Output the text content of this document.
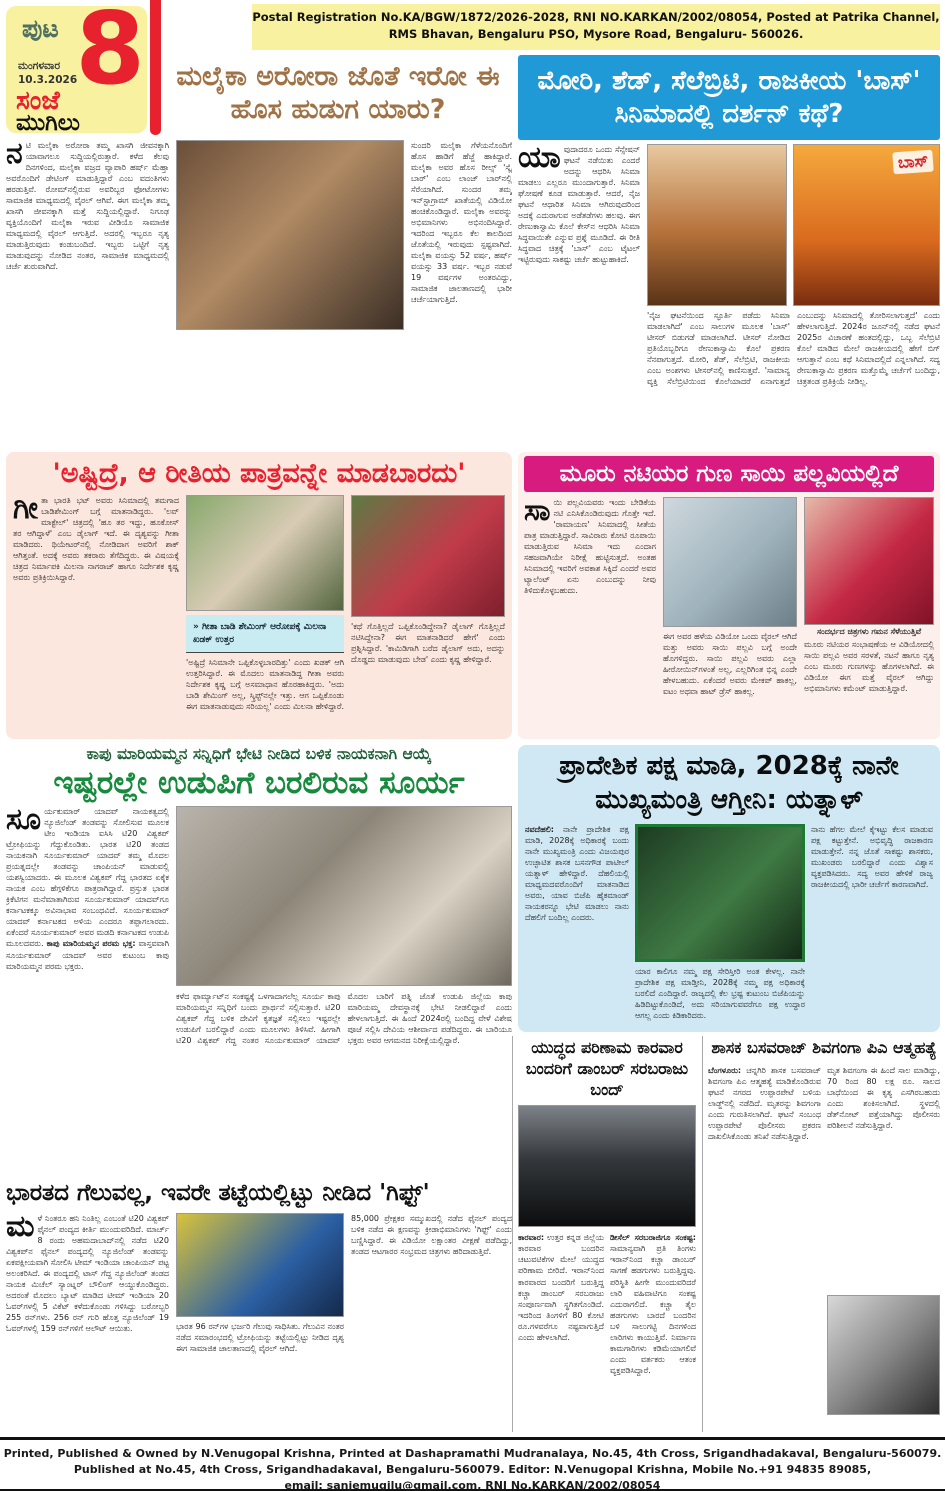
ಪುಟ 8
ಮಂಗಳವಾರ
10.3.2026
ಸಂಜೆ
ಮುಗಿಲು
Postal Registration No.KA/BGW/1872/2026-2028, RNI NO.KARKAN/2002/08054, Posted at Patrika Channel,
RMS Bhavan, Bengaluru PSO, Mysore Road, Bengaluru- 560026.
ಮಲೈಕಾ ಅರೋರಾ ಜೊತೆ ಇರೋ ಈ ಹೊಸ ಹುಡುಗ ಯಾರು?
ನಟಿ ಮಲೈಕಾ ಅರೋರಾ ತಮ್ಮ ಖಾಸಗಿ ಜೀವನಕ್ಕಾಗಿ ಯಾವಾಗಲೂ ಸುದ್ದಿಯಲ್ಲಿರುತ್ತಾರೆ. ಕಳೆದ ಕೆಲವು ದಿನಗಳಿಂದ, ಮಲೈಕಾ ವಜ್ರದ ವ್ಯಾಪಾರಿ ಹರ್ಷ್ ಮೆಹ್ತಾ ಅವರೊಂದಿಗೆ ಡೇಟಿಂಗ್ ಮಾಡುತ್ತಿದ್ದಾರೆ ಎಂಬ ವದಂತಿಗಳು ಹರಡುತ್ತಿವೆ. ರೋಮ್‌ನಲ್ಲಿರುವ ಅವರಿಬ್ಬರ ಫೋಟೋಗಳು ಸಾಮಾಜಿಕ ಮಾಧ್ಯಮದಲ್ಲಿ ವೈರಲ್ ಆಗಿವೆ. ಈಗ ಮಲೈಕಾ ತಮ್ಮ ಖಾಸಗಿ ಜೀವನಕ್ಕಾಗಿ ಮತ್ತೆ ಸುದ್ದಿಯಲ್ಲಿದ್ದಾರೆ. ನಿಗೂಢ ವ್ಯಕ್ತಿಯೊಂದಿಗೆ ಮಲೈಕಾ ಇರುವ ವೀಡಿಯೊ ಸಾಮಾಜಿಕ ಮಾಧ್ಯಮದಲ್ಲಿ ವೈರಲ್ ಆಗುತ್ತಿದೆ. ಅದರಲ್ಲಿ ಇಬ್ಬರೂ ನೃತ್ಯ ಮಾಡುತ್ತಿರುವುದು ಕಂಡುಬಂದಿದೆ. ಇಬ್ಬರು ಒಟ್ಟಿಗೆ ನೃತ್ಯ ಮಾಡುವುದನ್ನು ನೋಡಿದ ನಂತರ, ಸಾಮಾಜಿಕ ಮಾಧ್ಯಮದಲ್ಲಿ ಚರ್ಚೆ ಶುರುವಾಗಿದೆ.
ಸುಂದರಿ ಮಲೈಕಾ ಗೆಳೆಯನೊಂದಿಗೆ ಹೊಸ ಹಾಡಿಗೆ ಹೆಜ್ಜೆ ಹಾಕಿದ್ದಾರೆ. ಮಲೈಕಾ ಅವರ ಹೊಸ ರೀಲ್ಸ್ 'ಸ್ಕೈ ಬಾರ್' ಎಂಬ ಲಾಂಜ್ ಬಾರ್‌ನಲ್ಲಿ ಸೆರೆಯಾಗಿದೆ. ಸುಂದರ ತಮ್ಮ ಇನ್‌ಸ್ಟಾಗ್ರಾಮ್ ಖಾತೆಯಲ್ಲಿ ವಿಡಿಯೋ ಹಂಚಿಕೊಂಡಿದ್ದಾರೆ. ಮಲೈಕಾ ಅವರನ್ನು ಅಭಿಮಾನಿಗಳು ಅಭಿನಂದಿಸಿದ್ದಾರೆ. ಇದರಿಂದ ಇಬ್ಬರೂ ಕೆಲ ಕಾಲದಿಂದ ಜೊತೆಯಲ್ಲಿ ಇರುವುದು ಸ್ಪಷ್ಟವಾಗಿದೆ. ಮಲೈಕಾ ವಯಸ್ಸು 52 ವರ್ಷ, ಹರ್ಷ್ ವಯಸ್ಸು 33 ವರ್ಷ. ಇಬ್ಬರ ನಡುವೆ 19 ವರ್ಷಗಳ ಅಂತರವಿದ್ದು, ಸಾಮಾಜಿಕ ಜಾಲತಾಣದಲ್ಲಿ ಭಾರೀ ಚರ್ಚೆಯಾಗುತ್ತಿದೆ.
ಮೋರಿ, ಶೆಡ್, ಸೆಲೆಬ್ರಿಟಿ, ರಾಜಕೀಯ 'ಬಾಸ್' ಸಿನಿಮಾದಲ್ಲಿ ದರ್ಶನ್ ಕಥೆ?
ಯಾವುದಾದರೂ ಒಂದು ಸೆನ್ಸೇಷನ್ ಘಟನೆ ನಡೆಯಿತು ಎಂದರೆ ಅದನ್ನು ಆಧರಿಸಿ ಸಿನಿಮಾ ಮಾಡಲು ಎಲ್ಲರೂ ಮುಂದಾಗುತ್ತಾರೆ. ಸಿನಿಮಾ ಘೋಷಣೆ ಕೂಡ ಮಾಡುತ್ತಾರೆ. ಆದರೆ, ನೈಜ ಘಟನೆ ಆಧಾರಿತ ಸಿನಿಮಾ ಆಗಿರುವುದರಿಂದ ಅದಕ್ಕೆ ಎದುರಾಗುವ ಅಡೆತಡೆಗಳು ಹಲವು. ಈಗ ರೇಣುಕಾಸ್ವಾಮಿ ಕೊಲೆ ಕೇಸ್‌ನ ಆಧರಿಸಿ ಸಿನಿಮಾ ಸಿದ್ಧವಾಯಿತೇ ಎನ್ನುವ ಪ್ರಶ್ನೆ ಮೂಡಿದೆ. ಈ ರೀತಿ ಸಿದ್ಧವಾದ ಚಿತ್ರಕ್ಕೆ 'ಬಾಸ್' ಎಂಬ ಟೈಟಲ್ ಇಟ್ಟಿರುವುದು ಸಾಕಷ್ಟು ಚರ್ಚೆ ಹುಟ್ಟುಹಾಕಿದೆ.
ಬಾಸ್
'ನೈಜ ಘಟನೆಯಿಂದ ಸ್ಫೂರ್ತಿ ಪಡೆದು ಸಿನಿಮಾ ಮಾಡಲಾಗಿದೆ' ಎಂಬ ಸಾಲುಗಳ ಮೂಲಕ 'ಬಾಸ್' ಟೀಸರ್ ಬಿಡುಗಡೆ ಮಾಡಲಾಗಿದೆ. ಟೀಸರ್ ನೋಡಿದ ಪ್ರತಿಯೊಬ್ಬರಿಗೂ ರೇಣುಕಾಸ್ವಾಮಿ ಕೊಲೆ ಪ್ರಕರಣ ನೆನಪಾಗುತ್ತದೆ. ಮೋರಿ, ಶೆಡ್, ಸೆಲೆಬ್ರಿಟಿ, ರಾಜಕೀಯ ಎಂಬ ಅಂಶಗಳು ಟೀಸರ್‌ನಲ್ಲಿ ಕಾಣಿಸುತ್ತವೆ. 'ಸಾಮಾನ್ಯ ವ್ಯಕ್ತಿ ಸೆಲೆಬ್ರಿಟಿಯಿಂದ ಕೊಲೆಯಾದರೆ ಏನಾಗುತ್ತದೆ ಎಂಬುದನ್ನು ಸಿನಿಮಾದಲ್ಲಿ ತೋರಿಸಲಾಗುತ್ತದೆ' ಎಂದು ಹೇಳಲಾಗುತ್ತಿದೆ. 2024ರ ಜೂನ್‌ನಲ್ಲಿ ನಡೆದ ಘಟನೆ 2025ರ ವಿಚಾರಣೆ ಹಂತದಲ್ಲಿದ್ದು, ಒಬ್ಬ ಸೆಲೆಬ್ರಿಟಿ ಕೊಲೆ ಮಾಡಿದ ಮೇಲೆ ರಾಜಕೀಯದಲ್ಲಿ ಹೇಗೆ ಬಿಗ್ ಆಗುತ್ತಾನೆ ಎಂಬ ಕಥೆ ಸಿನಿಮಾದಲ್ಲಿದೆ ಎನ್ನಲಾಗಿದೆ. ಸದ್ಯ ರೇಣುಕಾಸ್ವಾಮಿ ಪ್ರಕರಣ ಮತ್ತೊಮ್ಮೆ ಚರ್ಚೆಗೆ ಬಂದಿದ್ದು, ಚಿತ್ರತಂಡ ಪ್ರತಿಕ್ರಿಯೆ ನೀಡಿಲ್ಲ.
'ಅಷ್ಟಿದ್ರೆ, ಆ ರೀತಿಯ ಪಾತ್ರವನ್ನೇ ಮಾಡಬಾರದು'
ಗೀತಾ ಭಾರತಿ ಭಟ್ ಅವರು ಸಿನಿಮಾದಲ್ಲಿ ತಮಗಾದ ಬಾಡಿಶೇಮಿಂಗ್ ಬಗ್ಗೆ ಮಾತನಾಡಿದ್ದರು. 'ಲವ್ ಮಾಕ್ಟೇಲ್' ಚಿತ್ರದಲ್ಲಿ 'ಹೂ ತರ ಇದ್ದು, ಹೂಕೋಸ್ ತರ ಆಗಿದ್ದಾಳೆ' ಎಂಬ ಡೈಲಾಗ್ ಇದೆ. ಈ ದೃಶ್ಯವನ್ನು ಗೀತಾ ಮಾಡಿದರು. ಥಿಯೇಟರ್‌ನಲ್ಲಿ ನೋಡಿದಾಗ ಅವರಿಗೆ ಶಾಕ್ ಆಗಿತ್ತಂತೆ. ಅದಕ್ಕೆ ಅವರು ತಕರಾರು ತೆಗೆದಿದ್ದರು. ಈ ವಿಷಯಕ್ಕೆ ಚಿತ್ರದ ನಿರ್ಮಾಪಕಿ ಮಿಲನಾ ನಾಗರಾಜ್ ಹಾಗೂ ನಿರ್ದೇಶಕ ಕೃಷ್ಣ ಅವರು ಪ್ರತಿಕ್ರಿಯಿಸಿದ್ದಾರೆ.
» ಗೀತಾ ಬಾಡಿ ಶೇಮಿಂಗ್ ಆರೋಪಕ್ಕೆ ಮಿಲನಾ ಖಡಕ್ ಉತ್ತರ
'ಅಷ್ಟಿದ್ರೆ ಸಿನಿಮಾನೇ ಒಪ್ಪಿಕೊಳ್ಳಬಾರದಿತ್ತು' ಎಂದು ಖಡಕ್ ಆಗಿ ಉತ್ತರಿಸಿದ್ದಾರೆ. ಈ ಮೊದಲು ಮಾತನಾಡಿದ್ದ ಗೀತಾ ಅವರು ನಿರ್ದೇಶಕ ಕೃಷ್ಣ ಬಗ್ಗೆ ಅಸಮಾಧಾನ ಹೊರಹಾಕಿದ್ದರು. 'ಅದು ಬಾಡಿ ಶೇಮಿಂಗ್ ಅಲ್ಲ, ಸ್ಕ್ರಿಪ್ಟ್‌ನಲ್ಲೇ ಇತ್ತು. ಆಗ ಒಪ್ಪಿಕೊಂಡು ಈಗ ಮಾತನಾಡುವುದು ಸರಿಯಲ್ಲ' ಎಂದು ಮಿಲನಾ ಹೇಳಿದ್ದಾರೆ.
'ಕಥೆ ಗೊತ್ತಿಲ್ಲದೆ ಒಪ್ಪಿಕೊಂಡಿದ್ದೇನಾ? ಡೈಲಾಗ್ ಗೊತ್ತಿಲ್ಲದೆ ನಟಿಸಿದ್ದೇನಾ? ಈಗ ಮಾತನಾಡಿದರೆ ಹೇಗೆ' ಎಂದು ಪ್ರಶ್ನಿಸಿದ್ದಾರೆ. 'ಕಾಮಿಡಿಗಾಗಿ ಬರೆದ ಡೈಲಾಗ್ ಅದು, ಅದನ್ನು ದೊಡ್ಡದು ಮಾಡುವುದು ಬೇಡ' ಎಂದು ಕೃಷ್ಣ ಹೇಳಿದ್ದಾರೆ.
ಮೂರು ನಟಿಯರ ಗುಣ ಸಾಯಿ ಪಲ್ಲವಿಯಲ್ಲಿದೆ
ಸಾಯಿ ಪಲ್ಲವಿಯವರು ಇಂದು ಬೇಡಿಕೆಯ ನಟಿ ಎನಿಸಿಕೊಂಡಿರುವುದು ಗೊತ್ತೇ ಇದೆ. 'ರಾಮಾಯಣ' ಸಿನಿಮಾದಲ್ಲಿ ಸೀತೆಯ ಪಾತ್ರ ಮಾಡುತ್ತಿದ್ದಾರೆ. ಸಾವಿರಾರು ಕೋಟಿ ರೂಪಾಯಿ ಮಾಡುತ್ತಿರುವ ಸಿನಿಮಾ ಇದು ಎಂದಾಗ ಸಹಜವಾಗಿಯೇ ನಿರೀಕ್ಷೆ ಹುಟ್ಟಿಸುತ್ತದೆ. ಅಂತಹ ಸಿನಿಮಾದಲ್ಲಿ ಇವರಿಗೆ ಅವಕಾಶ ಸಿಕ್ಕಿದೆ ಎಂದರೆ ಅವರ ಟ್ಯಾಲೆಂಟ್ ಏನು ಎಂಬುದನ್ನು ನೀವು ತಿಳಿದುಕೊಳ್ಳಬಹುದು.
ಈಗ ಅವರ ಹಳೆಯ ವಿಡಿಯೋ ಒಂದು ವೈರಲ್ ಆಗಿದೆ ಮತ್ತು ಅವರು ಸಾಯಿ ಪಲ್ಲವಿ ಬಗ್ಗೆ ಅಂದೇ ಹೊಗಳಿದ್ದರು. ಸಾಯಿ ಪಲ್ಲವಿ ಅವರು ಎಲ್ಲಾ ಹೀರೋಯಿನ್‌ಗಳಂತೆ ಅಲ್ಲ, ಎಲ್ಲರಿಗಿಂತ ಭಿನ್ನ ಎಂದೇ ಹೇಳಬಹುದು. ಏಕೆಂದರೆ ಅವರು ಮೇಕಪ್ ಹಾಕಲ್ಲ, ಐಟಂ ಅಥವಾ ಹಾಟ್ ಡ್ರೆಸ್ ಹಾಕಲ್ಲ.
ಸಂದರ್ಭದ ಚಿತ್ರಗಳು ಗಮನ ಸೆಳೆಯುತ್ತಿವೆ
ಮೂರು ನಟಿಯರ ಸಂಭಾಷಣೆಯ ಆ ವಿಡಿಯೋದಲ್ಲಿ ಸಾಯಿ ಪಲ್ಲವಿ ಅವರ ಸರಳತೆ, ನಟನೆ ಹಾಗೂ ನೃತ್ಯ ಎಂಬ ಮೂರು ಗುಣಗಳನ್ನು ಹೊಗಳಲಾಗಿದೆ. ಈ ವಿಡಿಯೋ ಈಗ ಮತ್ತೆ ವೈರಲ್ ಆಗಿದ್ದು ಅಭಿಮಾನಿಗಳು ಕಮೆಂಟ್ ಮಾಡುತ್ತಿದ್ದಾರೆ.
ಕಾಪು ಮಾರಿಯಮ್ಮನ ಸನ್ನಿಧಿಗೆ ಭೇಟಿ ನೀಡಿದ ಬಳಿಕ ನಾಯಕನಾಗಿ ಆಯ್ಕೆ
ಇಷ್ಟರಲ್ಲೇ ಉಡುಪಿಗೆ ಬರಲಿರುವ ಸೂರ್ಯ
ಸೂರ್ಯಕುಮಾರ್ ಯಾದವ್ ನಾಯಕತ್ವದಲ್ಲಿ ನ್ಯೂಜಿಲೆಂಡ್ ತಂಡವನ್ನು ಸೋಲಿಸುವ ಮೂಲಕ ಟೀಂ ಇಂಡಿಯಾ ಐಸಿಸಿ ಟಿ20 ವಿಶ್ವಕಪ್ ಟ್ರೋಫಿಯನ್ನು ಗೆದ್ದುಕೊಂಡಿತು. ಭಾರತ ಟಿ20 ತಂಡದ ನಾಯಕನಾಗಿ ಸೂರ್ಯಕುಮಾರ್ ಯಾದವ್ ತಮ್ಮ ಮೊದಲ ಪ್ರಯತ್ನದಲ್ಲೇ ತಂಡವನ್ನು ಚಾಂಪಿಯನ್ ಮಾಡುವಲ್ಲಿ ಯಶಸ್ವಿಯಾದರು. ಈ ಮೂಲಕ ವಿಶ್ವಕಪ್ ಗೆದ್ದ ಭಾರತದ ಏಕೈಕ ನಾಯಕ ಎಂಬ ಹೆಗ್ಗಳಿಕೆಗೂ ಪಾತ್ರರಾಗಿದ್ದಾರೆ. ಪ್ರಸ್ತುತ ಭಾರತ ಕ್ರಿಕೆಟಿಗನ ಮನೆಮಾತಾಗಿರುವ ಸೂರ್ಯಕುಮಾರ್ ಯಾದವ್‌ಗೂ ಕರ್ನಾಟಕಕ್ಕೂ ಅವಿನಾಭಾವ ಸಂಬಂಧವಿದೆ. ಸೂರ್ಯಕುಮಾರ್ ಯಾದವ್ ಕರ್ನಾಟಕದ ಅಳಿಯ ಎಂದರೂ ತಪ್ಪಾಗಲಾರದು. ಏಕೆಂದರೆ ಸೂರ್ಯಕುಮಾರ್ ಅವರ ಮಡದಿ ಕರ್ನಾಟಕದ ಉಡುಪಿ ಮೂಲದವರು. ಕಾಪು ಮಾರಿಯಮ್ಮನ ಪರಮ ಭಕ್ತ: ವಾಸ್ತವವಾಗಿ ಸೂರ್ಯಕುಮಾರ್ ಯಾದವ್ ಅವರ ಕುಟುಂಬ ಕಾಪು ಮಾರಿಯಮ್ಮನ ಪರಮ ಭಕ್ತರು.
ಕಳೆದ ಫಾರ್ಮ್ಯಾಟ್‌ನ ಸಂಕಷ್ಟಕ್ಕೆ ಒಳಗಾದಾಗಲೆಲ್ಲ ಸೂರ್ಯ ಕಾಪು ಮಾರಿಯಮ್ಮನ ಸನ್ನಿಧಿಗೆ ಬಂದು ಪ್ರಾರ್ಥನೆ ಸಲ್ಲಿಸುತ್ತಾರೆ. ಟಿ20 ವಿಶ್ವಕಪ್ ಗೆದ್ದ ಬಳಿಕ ದೇವಿಗೆ ಕೃತಜ್ಞತೆ ಸಲ್ಲಿಸಲು ಇಷ್ಟರಲ್ಲೇ ಉಡುಪಿಗೆ ಬರಲಿದ್ದಾರೆ ಎಂದು ಮೂಲಗಳು ತಿಳಿಸಿವೆ. ಹೀಗಾಗಿ ಟಿ20 ವಿಶ್ವಕಪ್ ಗೆದ್ದ ನಂತರ ಸೂರ್ಯಕುಮಾರ್ ಯಾದವ್ ಮೊದಲ ಬಾರಿಗೆ ಪತ್ನಿ ಜೊತೆ ಉಡುಪಿ ಜಿಲ್ಲೆಯ ಕಾಪು ಮಾರಿಯಮ್ಮ ದೇವಸ್ಥಾನಕ್ಕೆ ಭೇಟಿ ನೀಡಲಿದ್ದಾರೆ ಎಂದು ಹೇಳಲಾಗುತ್ತಿದೆ. ಈ ಹಿಂದೆ 2024ರಲ್ಲಿ ಬಂದಿದ್ದ ವೇಳೆ ವಿಶೇಷ ಪೂಜೆ ಸಲ್ಲಿಸಿ ದೇವಿಯ ಆಶೀರ್ವಾದ ಪಡೆದಿದ್ದರು. ಈ ಬಾರಿಯೂ ಭಕ್ತರು ಅವರ ಆಗಮನದ ನಿರೀಕ್ಷೆಯಲ್ಲಿದ್ದಾರೆ.
ಪ್ರಾದೇಶಿಕ ಪಕ್ಷ ಮಾಡಿ, 2028ಕ್ಕೆ ನಾನೇ ಮುಖ್ಯಮಂತ್ರಿ ಆಗ್ತೀನಿ: ಯತ್ನಾಳ್
ನವದೆಹಲಿ: ನಾನೇ ಪ್ರಾದೇಶಿಕ ಪಕ್ಷ ಮಾಡಿ, 2028ಕ್ಕೆ ಅಧಿಕಾರಕ್ಕೆ ಬಂದು ನಾನೇ ಮುಖ್ಯಮಂತ್ರಿ ಎಂದು ವಿಜಯಪುರ ಉಚ್ಛಾಟಿತ ಶಾಸಕ ಬಸನಗೌಡ ಪಾಟೀಲ್ ಯತ್ನಾಳ್ ಹೇಳಿದ್ದಾರೆ. ದೆಹಲಿಯಲ್ಲಿ ಮಾಧ್ಯಮದವರೊಂದಿಗೆ ಮಾತನಾಡಿದ ಅವರು, ಯಾವ ಬಿಜೆಪಿ ಹೈಕಮಾಂಡ್ ನಾಯಕರನ್ನೂ ಭೇಟಿ ಮಾಡಲು ನಾನು ದೆಹಲಿಗೆ ಬಂದಿಲ್ಲ ಎಂದರು.
ಯಾರ ಕಾಲಿಗೂ ನಮ್ಮ ಪಕ್ಷ ಸೇರಿಸ್ತೀರಿ ಅಂತ ಕೇಳಲ್ಲ. ನಾನೇ ಪ್ರಾದೇಶಿಕ ಪಕ್ಷ ಮಾಡ್ತೀನಿ, 2028ಕ್ಕೆ ನಮ್ಮ ಪಕ್ಷ ಅಧಿಕಾರಕ್ಕೆ ಬರಲಿದೆ ಎಂದಿದ್ದಾರೆ. ರಾಜ್ಯದಲ್ಲಿ ಕೆಲ ಭ್ರಷ್ಟ ಕುಟುಂಬ ಬಿಜೆಪಿಯನ್ನು ಹಿಡಿದಿಟ್ಟುಕೊಂಡಿದೆ, ಅದು ಸರಿಯಾಗುವವರೆಗೂ ಪಕ್ಷ ಉದ್ಧಾರ ಆಗಲ್ಲ ಎಂದು ಕಿಡಿಕಾರಿದರು.
ನಾನು ಹೆಗಲ ಮೇಲೆ ಕೈಇಟ್ಟು ಕೆಲಸ ಮಾಡುವ ಪಕ್ಷ ಕಟ್ಟುತ್ತೇನೆ. ಅಭಿವೃದ್ಧಿ ರಾಜಕಾರಣ ಮಾಡುತ್ತೇನೆ. ನನ್ನ ಜೊತೆ ಸಾಕಷ್ಟು ಶಾಸಕರು, ಮುಖಂಡರು ಬರಲಿದ್ದಾರೆ ಎಂದು ವಿಶ್ವಾಸ ವ್ಯಕ್ತಪಡಿಸಿದರು. ಸದ್ಯ ಅವರ ಹೇಳಿಕೆ ರಾಜ್ಯ ರಾಜಕೀಯದಲ್ಲಿ ಭಾರೀ ಚರ್ಚೆಗೆ ಕಾರಣವಾಗಿದೆ.
ಭಾರತದ ಗೆಲುವಲ್ಲ, ಇವರೇ ತಟ್ಟೆಯಲ್ಲಿಟ್ಟು ನೀಡಿದ 'ಗಿಫ್ಟ್'
ಮಳೆ ನಿಂತರೂ ಹನಿ ನಿಂತಿಲ್ಲ ಎಂಬಂತೆ ಟಿ20 ವಿಶ್ವಕಪ್ ಫೈನಲ್ ಪಂದ್ಯದ ಕೀರ್ತಿ ಮುಂದುವರಿದಿದೆ. ಮಾರ್ಚ್ 8 ರಂದು ಅಹಮದಾಬಾದ್‌ನಲ್ಲಿ ನಡೆದ ಟಿ20 ವಿಶ್ವಕಪ್‌ನ ಫೈನಲ್ ಪಂದ್ಯದಲ್ಲಿ ನ್ಯೂಜಿಲೆಂಡ್ ತಂಡವನ್ನು ಏಕಪಕ್ಷೀಯವಾಗಿ ಸೋಲಿಸಿ ಟೀಮ್ ಇಂಡಿಯಾ ಚಾಂಪಿಯನ್ ಪಟ್ಟ ಅಲಂಕರಿಸಿದೆ. ಈ ಪಂದ್ಯದಲ್ಲಿ ಟಾಸ್ ಗೆದ್ದ ನ್ಯೂಜಿಲೆಂಡ್ ತಂಡದ ನಾಯಕ ಮಿಚೆಲ್ ಸ್ಯಾಂಟ್ನರ್ ಬೌಲಿಂಗ್ ಆಯ್ದುಕೊಂಡಿದ್ದರು. ಅದರಂತೆ ಮೊದಲು ಬ್ಯಾಟ್ ಮಾಡಿದ ಟೀಮ್ ಇಂಡಿಯಾ 20 ಓವರ್‌ಗಳಲ್ಲಿ 5 ವಿಕೆಟ್ ಕಳೆದುಕೊಂಡು ಗಳಿಸಿದ್ದು ಬರೋಬ್ಬರಿ 255 ರನ್‌ಗಳು. 256 ರನ್ ಗುರಿ ಹೊತ್ತ ನ್ಯೂಜಿಲೆಂಡ್ 19 ಓವರ್‌ಗಳಲ್ಲಿ 159 ರನ್‌ಗಳಿಗೆ ಆಲೌಟ್ ಆಯಿತು.	ಭಾರತ 96 ರನ್‌ಗಳ ಭರ್ಜರಿ ಗೆಲುವು ಸಾಧಿಸಿತು. ಗೆಲುವಿನ ನಂತರ ನಡೆದ ಸಮಾರಂಭದಲ್ಲಿ ಟ್ರೋಫಿಯನ್ನು ತಟ್ಟೆಯಲ್ಲಿಟ್ಟು ನೀಡಿದ ದೃಶ್ಯ ಈಗ ಸಾಮಾಜಿಕ ಜಾಲತಾಣದಲ್ಲಿ ವೈರಲ್ ಆಗಿದೆ.
85,000 ಪ್ರೇಕ್ಷಕರ ಸಮ್ಮುಖದಲ್ಲಿ ನಡೆದ ಫೈನಲ್ ಪಂದ್ಯದ ಬಳಿಕ ನಡೆದ ಈ ಕ್ಷಣವನ್ನು ಕ್ರೀಡಾಭಿಮಾನಿಗಳು 'ಗಿಫ್ಟ್' ಎಂದು ಬಣ್ಣಿಸಿದ್ದಾರೆ. ಈ ವಿಡಿಯೋ ಲಕ್ಷಾಂತರ ವೀಕ್ಷಣೆ ಪಡೆದಿದ್ದು, ತಂಡದ ಆಟಗಾರರ ಸಂಭ್ರಮದ ಚಿತ್ರಗಳು ಹರಿದಾಡುತ್ತಿವೆ.
ಯುದ್ಧದ ಪರಿಣಾಮ ಕಾರವಾರ ಬಂದರಿಗೆ ಡಾಂಬರ್ ಸರಬರಾಜು ಬಂದ್
ಕಾರವಾರ: ಉತ್ತರ ಕನ್ನಡ ಜಿಲ್ಲೆಯ ಕಾರವಾರ ಬಂದರಿನ ಚಟುವಟಿಕೆಗಳ ಮೇಲೆ ಯುದ್ಧದ ಪರಿಣಾಮ ಬೀರಿದೆ. ಇರಾನ್‌ನಿಂದ ಕಾರವಾರದ ಬಂದರಿಗೆ ಬರುತ್ತಿದ್ದ ಕಚ್ಚಾ ಡಾಂಬರ್ ಸರಬರಾಜು ಸಂಪೂರ್ಣವಾಗಿ ಸ್ಥಗಿತಗೊಂಡಿದೆ. ಇದರಿಂದ ತಿಂಗಳಿಗೆ 80 ಕೋಟಿ ರೂ.ಗಳವರೆಗೂ ನಷ್ಟವಾಗುತ್ತಿದೆ ಎಂದು ಹೇಳಲಾಗಿದೆ.
ಡೀಸೆಲ್ ಸರಬರಾಜಿಗೂ ಸಂಕಷ್ಟ: ಸಾಮಾನ್ಯವಾಗಿ ಪ್ರತಿ ತಿಂಗಳು ಇರಾನ್‌ನಿಂದ ಕಚ್ಚಾ ಡಾಂಬರ್ ಸಾಗಣೆ ಹಡಗುಗಳು ಬರುತ್ತಿದ್ದವು. ಪರಿಸ್ಥಿತಿ ಹೀಗೇ ಮುಂದುವರಿದರೆ ಲಾರಿ ವಹಿವಾಟಿಗೂ ಸಂಕಷ್ಟ ಎದುರಾಗಲಿದೆ. ಕಚ್ಚಾ ತೈಲ ಹಡಗುಗಳು ಬಾರದೆ ಬಂದರಿನ ಬಳಿ ಸಾಲುಗಟ್ಟಿ ದಿನಗಳಿಂದ ಲಾರಿಗಳು ಕಾಯುತ್ತಿವೆ. ನಿರ್ಮಾಣ ಕಾಮಗಾರಿಗಳು ಕಡಿಮೆಯಾಗಲಿವೆ ಎಂದು ವರ್ತಕರು ಆತಂಕ ವ್ಯಕ್ತಪಡಿಸಿದ್ದಾರೆ.
ಶಾಸಕ ಬಸವರಾಜ್ ಶಿವಗಂಗಾ ಪಿಎ ಆತ್ಮಹತ್ಯೆ
ಬೆಂಗಳೂರು: ಚನ್ನಗಿರಿ ಶಾಸಕ ಬಸವರಾಜ್ ಶಿವಗಂಗಾ ಪಿಎ ಆತ್ಮಹತ್ಯೆ ಮಾಡಿಕೊಂಡಿರುವ ಘಟನೆ ನಗರದ ಉಪ್ಪಾರಪೇಟೆ ಬಳಿಯ ಲಾಡ್ಜ್‌ನಲ್ಲಿ ನಡೆದಿದೆ. ಮೃತರನ್ನು ಶಿವಗಂಗಾ ಎಂದು ಗುರುತಿಸಲಾಗಿದೆ. ಘಟನೆ ಸಂಬಂಧ ಉಪ್ಪಾರಪೇಟೆ ಪೊಲೀಸರು ಪ್ರಕರಣ ದಾಖಲಿಸಿಕೊಂಡು ತನಿಖೆ ನಡೆಸುತ್ತಿದ್ದಾರೆ.
ಮೃತ ಶಿವಗಂಗಾ ಈ ಹಿಂದೆ ಸಾಲ ಮಾಡಿದ್ದು, 70 ರಿಂದ 80 ಲಕ್ಷ ರೂ. ಸಾಲದ ಬಾಧೆಯಿಂದ ಈ ಕೃತ್ಯ ಎಸಗಿರಬಹುದು ಎಂದು ಶಂಕಿಸಲಾಗಿದೆ. ಸ್ಥಳದಲ್ಲಿ ಡೆತ್‌ನೋಟ್ ಪತ್ತೆಯಾಗಿದ್ದು ಪೊಲೀಸರು ಪರಿಶೀಲನೆ ನಡೆಸುತ್ತಿದ್ದಾರೆ.
Printed, Published & Owned by N.Venugopal Krishna, Printed at Dashapramathi Mudranalaya, No.45, 4th Cross, Srigandhadakaval, Bengaluru-560079.
Published at No.45, 4th Cross, Srigandhadakaval, Bengaluru-560079. Editor: N.Venugopal Krishna, Mobile No.+91 94835 89085,
email: sanjemugilu@gmail.com, RNI No.KARKAN/2002/08054
